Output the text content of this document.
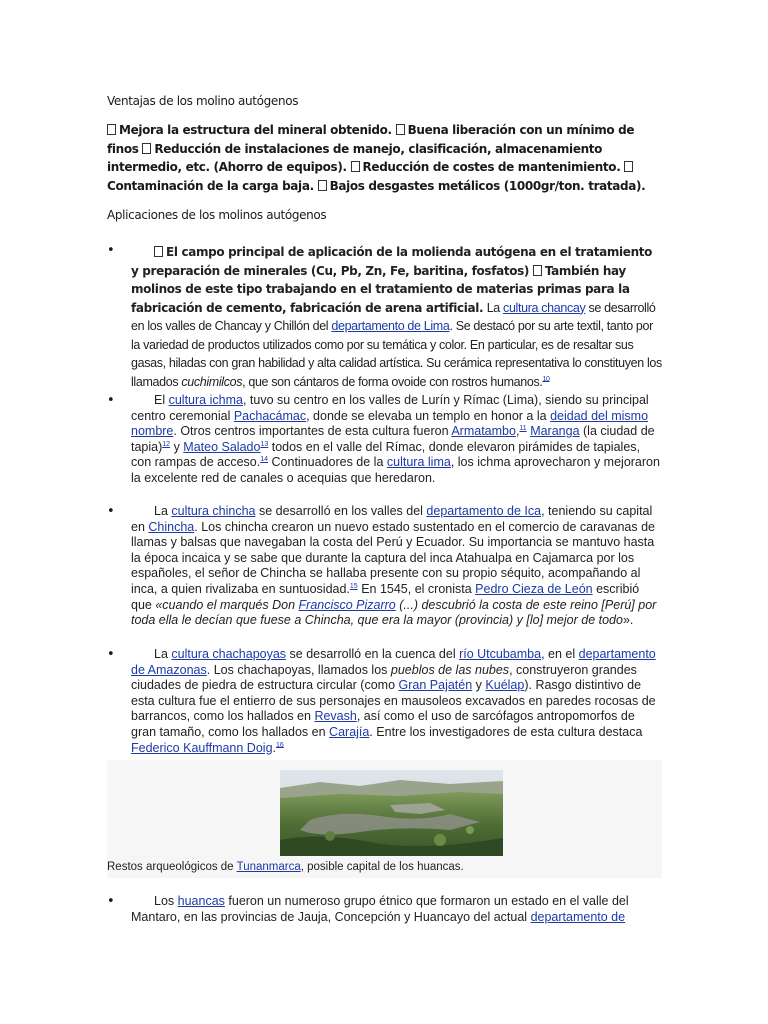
Ventajas de los molino autógenos

Mejora la estructura del mineral obtenido. Buena liberación con un mínimo de finos Reducción de instalaciones de manejo, clasificación, almacenamiento intermedio, etc. (Ahorro de equipos). Reducción de costes de mantenimiento. Contaminación de la carga baja. Bajos desgastes metálicos (1000gr/ton. tratada).

Aplicaciones de los molinos autógenos

•	El campo principal de aplicación de la molienda autógena en el tratamiento y preparación de minerales (Cu, Pb, Zn, Fe, baritina, fosfatos) También hay molinos de este tipo trabajando en el tratamiento de materias primas para la fabricación de cemento, fabricación de arena artificial. La cultura chancay se desarrolló en los valles de Chancay y Chillón del departamento de Lima. Se destacó por su arte textil, tanto por la variedad de productos utilizados como por su temática y color. En particular, es de resaltar sus gasas, hiladas con gran habilidad y alta calidad artística. Su cerámica representativa lo constituyen los llamados cuchimilcos, que son cántaros de forma ovoide con rostros humanos.$^{10}$
•	El cultura ichma, tuvo su centro en los valles de Lurín y Rímac (Lima), siendo su principal centro ceremonial Pachacámac, donde se elevaba un templo en honor a la deidad del mismo nombre. Otros centros importantes de esta cultura fueron Armatambo,$^{11}$ Maranga (la ciudad de tapia)$^{12}$ y Mateo Salado$^{13}$ todos en el valle del Rímac, donde elevaron pirámides de tapiales, con rampas de acceso.$^{14}$ Continuadores de la cultura lima, los ichma aprovecharon y mejoraron la excelente red de canales o acequias que heredaron.
•	La cultura chincha se desarrolló en los valles del departamento de Ica, teniendo su capital en Chincha. Los chincha crearon un nuevo estado sustentado en el comercio de caravanas de llamas y balsas que navegaban la costa del Perú y Ecuador. Su importancia se mantuvo hasta la época incaica y se sabe que durante la captura del inca Atahualpa en Cajamarca por los españoles, el señor de Chincha se hallaba presente con su propio séquito, acompañando al inca, a quien rivalizaba en suntuosidad.$^{15}$ En 1545, el cronista Pedro Cieza de León escribió que «cuando el marqués Don Francisco Pizarro (...) descubrió la costa de este reino [Perú] por toda ella le decían que fuese a Chincha, que era la mayor (provincia) y [lo] mejor de todo».
•	La cultura chachapoyas se desarrolló en la cuenca del río Utcubamba, en el departamento de Amazonas. Los chachapoyas, llamados los pueblos de las nubes, construyeron grandes ciudades de piedra de estructura circular (como Gran Pajatén y Kuélap). Rasgo distintivo de esta cultura fue el entierro de sus personajes en mausoleos excavados en paredes rocosas de barrancos, como los hallados en Revash, así como el uso de sarcófagos antropomorfos de gran tamaño, como los hallados en Carajía. Entre los investigadores de esta cultura destaca Federico Kauffmann Doig.$^{16}$
Restos arqueológicos de Tunanmarca, posible capital de los huancas.
•	Los huancas fueron un numeroso grupo étnico que formaron un estado en el valle del Mantaro, en las provincias de Jauja, Concepción y Huancayo del actual departamento de
